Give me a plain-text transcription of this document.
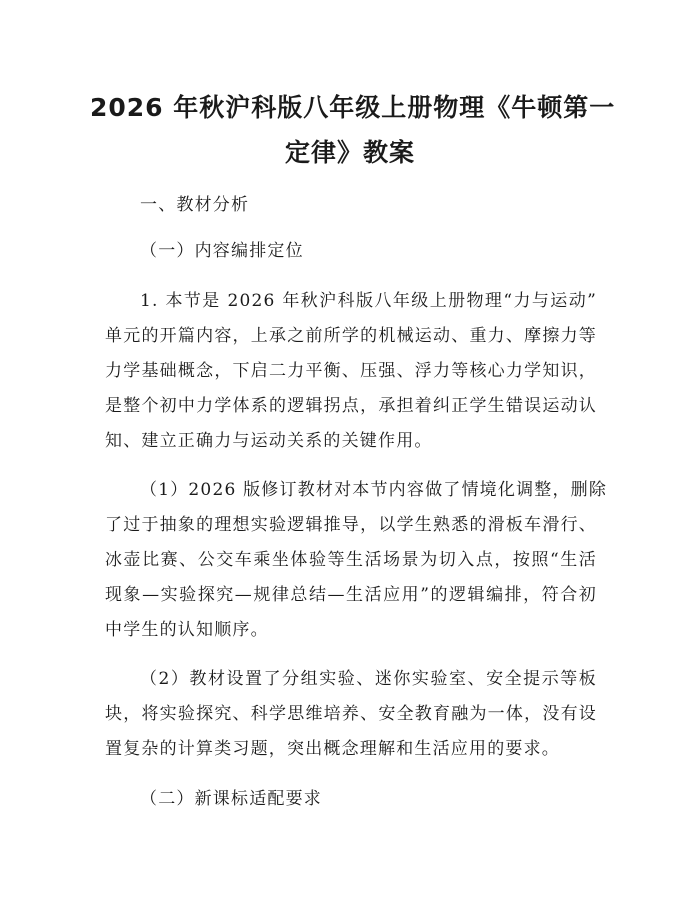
2026 年秋沪科版八年级上册物理《牛顿第一
定律》教案
一、教材分析
（一）内容编排定位
1. 本节是 2026 年秋沪科版八年级上册物理“力与运动”
单元的开篇内容，上承之前所学的机械运动、重力、摩擦力等
力学基础概念，下启二力平衡、压强、浮力等核心力学知识，
是整个初中力学体系的逻辑拐点，承担着纠正学生错误运动认
知、建立正确力与运动关系的关键作用。
（1）2026 版修订教材对本节内容做了情境化调整，删除
了过于抽象的理想实验逻辑推导，以学生熟悉的滑板车滑行、
冰壶比赛、公交车乘坐体验等生活场景为切入点，按照“生活
现象—实验探究—规律总结—生活应用”的逻辑编排，符合初
中学生的认知顺序。
（2）教材设置了分组实验、迷你实验室、安全提示等板
块，将实验探究、科学思维培养、安全教育融为一体，没有设
置复杂的计算类习题，突出概念理解和生活应用的要求。
（二）新课标适配要求
